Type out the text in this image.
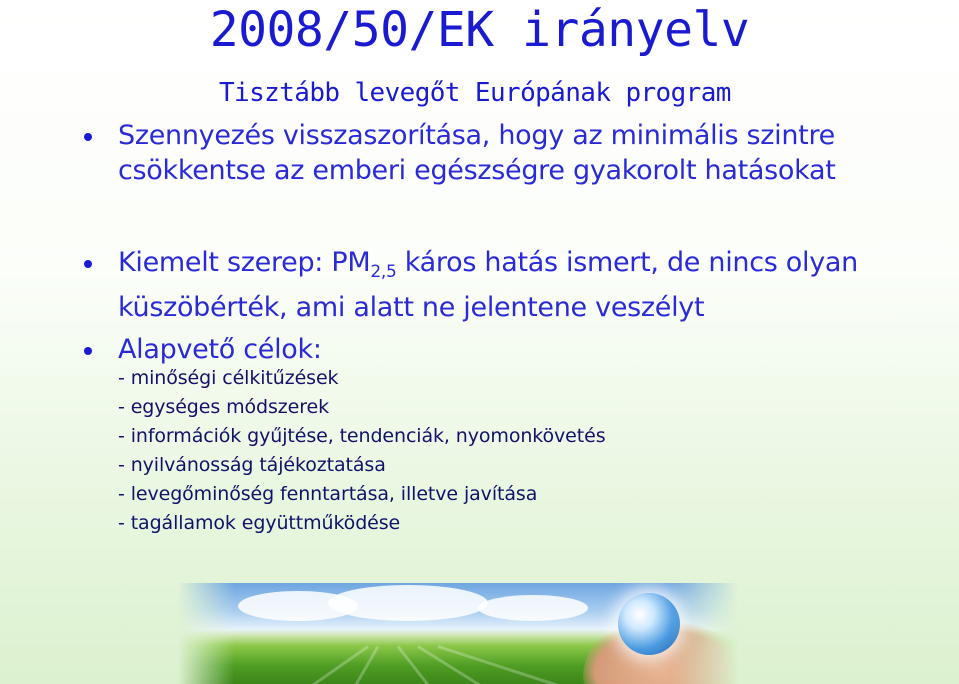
2008/50/EK irányelv

Tisztább levegőt Európának program

Szennyezés visszaszorítása, hogy az minimális szintre csökkentse az emberi egészségre gyakorolt hatásokat
Kiemelt szerep: $PM_{2,5}$ káros hatás ismert, de nincs olyan küszöbérték, ami alatt ne jelentene veszélyt
Alapvető célok:
- minőségi célkitűzések
- egységes módszerek
- információk gyűjtése, tendenciák, nyomonkövetés
- nyilvánosság tájékoztatása
- levegőminőség fenntartása, illetve javítása
- tagállamok együttműködése
